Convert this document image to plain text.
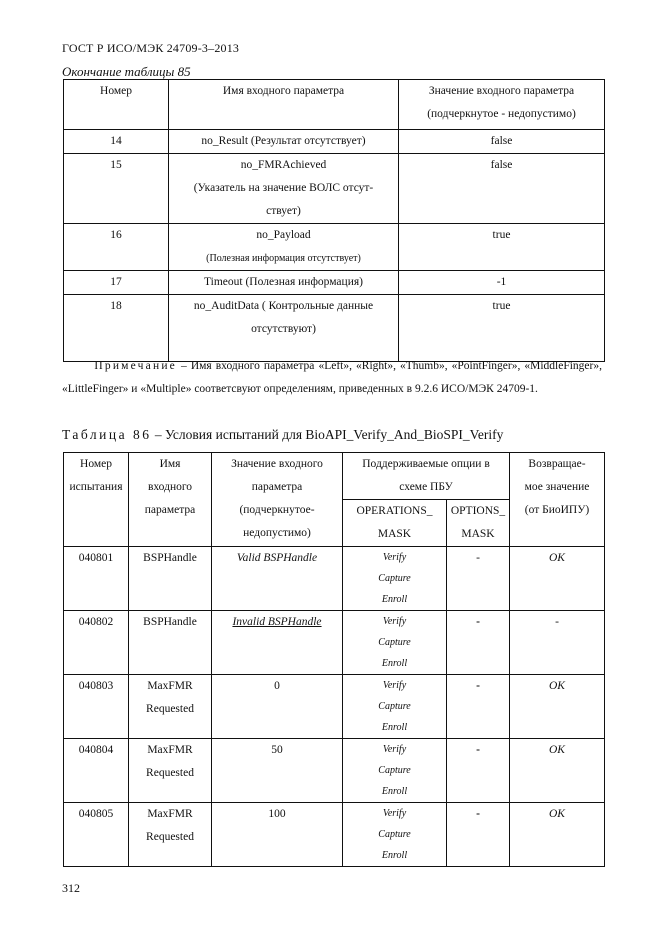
ГОСТ Р ИСО/МЭК 24709-3–2013
Окончание таблицы 85
Номер	Имя входного параметра	Значение входного параметра
(подчеркнутое - недопустимо)

14	no_Result (Результат отсутствует)	false
15	no_FMRAchieved
(Указатель на значение ВОЛС отсут-
ствует)	false
16	no_Payload
(Полезная информация отсутствует)	true
17	Timeout (Полезная информация)	-1
18	no_AuditData ( Контрольные данные
отсутствуют)	true
Примечание – Имя входного параметра «Left», «Right», «Thumb», «PointFinger», «MiddleFinger», «LittleFinger» и «Multiple» соответсвуют определениям, приведенных в 9.2.6 ИСО/МЭК 24709-1.
Таблица 86 – Условия испытаний для BioAPI_Verify_And_BioSPI_Verify
Номер
испытания	Имя
входного
параметра	Значение входного
параметра
(подчеркнутое-
недопустимо)	Поддерживаемые опции в
схеме ПБУ		Возвращае-
мое значение
(от БиоИПУ)

			OPERATIONS_
MASK	OPTIONS_
MASK	

040801	BSPHandle	Valid BSPHandle	Verify
Capture
Enroll	-	OK
040802	BSPHandle	Invalid BSPHandle	Verify
Capture
Enroll	-	-
040803	MaxFMR
Requested	0	Verify
Capture
Enroll	-	OK
040804	MaxFMR
Requested	50	Verify
Capture
Enroll	-	OK
040805	MaxFMR
Requested	100	Verify
Capture
Enroll	-	OK
312
